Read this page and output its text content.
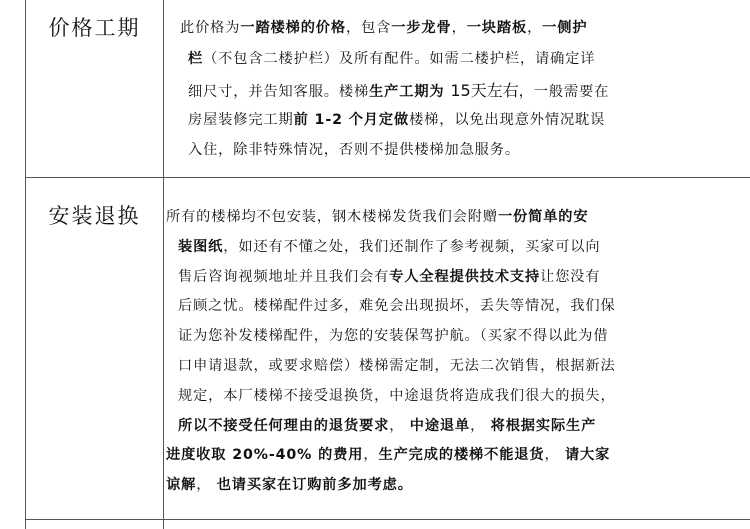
价格工期	此价格为一踏楼梯的价格，包含一步龙骨，一块踏板，一侧护
栏（不包含二楼护栏）及所有配件。如需二楼护栏，请确定详
细尺寸，并告知客服。楼梯生产工期为 15天左右，一般需要在
房屋装修完工期前 1-2 个月定做楼梯，以免出现意外情况耽误
入住，除非特殊情况，否则不提供楼梯加急服务。
安装退换	所有的楼梯均不包安装，钢木楼梯发货我们会附赠一份简单的安
装图纸，如还有不懂之处，我们还制作了参考视频，买家可以向
售后咨询视频地址并且我们会有专人全程提供技术支持让您没有
后顾之忧。楼梯配件过多，难免会出现损坏，丢失等情况，我们保
证为您补发楼梯配件，为您的安装保驾护航。（买家不得以此为借
口申请退款，或要求赔偿）楼梯需定制，无法二次销售，根据新法
规定，本厂楼梯不接受退换货，中途退货将造成我们很大的损失，
所以不接受任何理由的退货要求， 中途退单， 将根据实际生产
进度收取 20%-40% 的费用，生产完成的楼梯不能退货， 请大家
谅解， 也请买家在订购前多加考虑。
